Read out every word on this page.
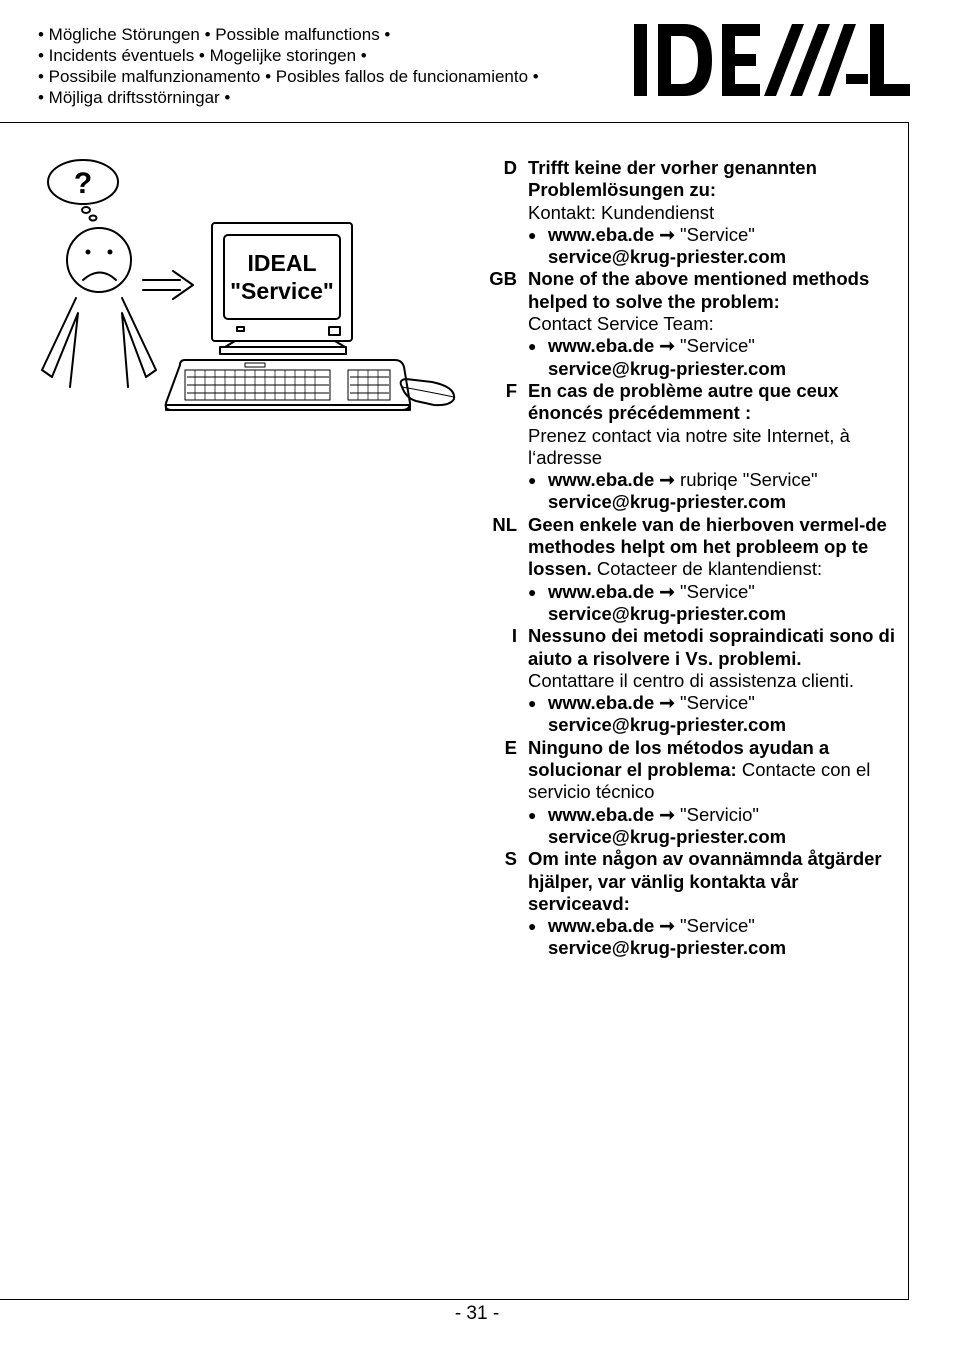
• Mögliche Störungen • Possible malfunctions •
• Incidents éventuels • Mogelijke storingen •
• Possibile malfunzionamento • Posibles fallos de funcionamiento •
• Möjliga driftsstörningar •
?
IDEAL
"Service"
D Trifft keine der vorher genannten Problemlösungen zu:
Kontakt: Kundendienst
● www.eba.de ➞ "Service"
service@krug-priester.com
GB None of the above mentioned methods helped to solve the problem:
Contact Service Team:
● www.eba.de ➞ "Service"
service@krug-priester.com
F En cas de problème autre que ceux énoncés précédemment :
Prenez contact via notre site Internet, à l‘adresse
● www.eba.de ➞ rubriqe "Service"
service@krug-priester.com
NL Geen enkele van de hierboven vermel-de methodes helpt om het probleem op te lossen. Cotacteer de klantendienst:
● www.eba.de ➞ "Service"
service@krug-priester.com
I Nessuno dei metodi sopraindicati sono di aiuto a risolvere i Vs. problemi.
Contattare il centro di assistenza clienti.
● www.eba.de ➞ "Service"
service@krug-priester.com
E Ninguno de los métodos ayudan a solucionar el problema: Contacte con el servicio técnico
● www.eba.de ➞ "Servicio"
service@krug-priester.com
S Om inte någon av ovannämnda åtgärder hjälper, var vänlig kontakta vår serviceavd:
● www.eba.de ➞ "Service"
service@krug-priester.com
- 31 -
